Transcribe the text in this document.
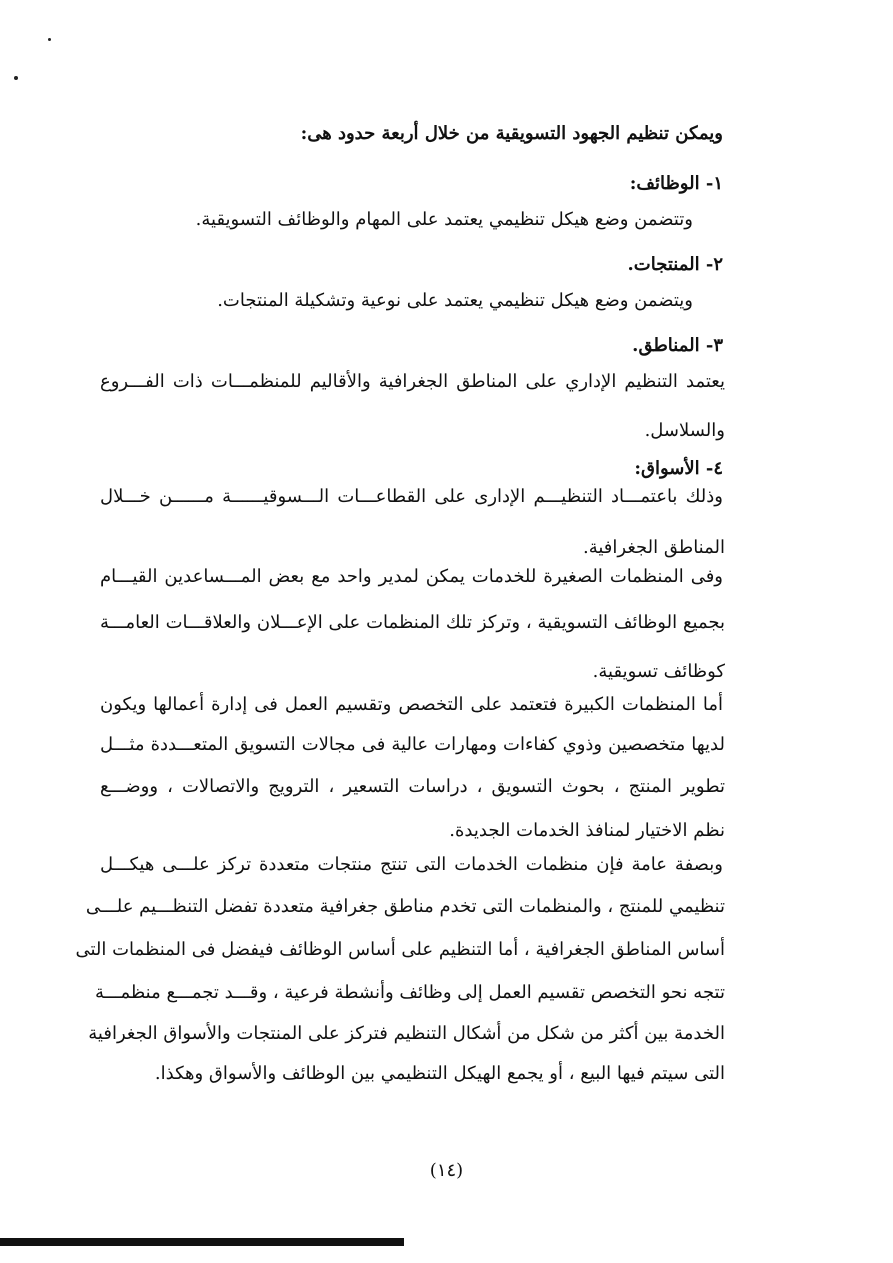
ويمكن تنظيم الجهود التسويقية من خلال أربعة حدود هى:
١- الوظائف:
وتتضمن وضع هيكل تنظيمي يعتمد على المهام والوظائف التسويقية.
٢- المنتجات.
ويتضمن وضع هيكل تنظيمي يعتمد على نوعية وتشكيلة المنتجات.
٣- المناطق.
يعتمد التنظيم الإداري على المناطق الجغرافية والأقاليم للمنظمـــات ذات الفـــروع
والسلاسل.
٤- الأسواق:
وذلك باعتمـــاد التنظيـــم الإدارى على القطاعـــات الـــسوقيــــــة مــــــن خـــلال
المناطق الجغرافية.
وفى المنظمات الصغيرة للخدمات يمكن لمدير واحد مع بعض المـــساعدين القيـــام
بجميع الوظائف التسويقية ، وتركز تلك المنظمات على الإعـــلان والعلاقـــات العامـــة
كوظائف تسويقية.
أما المنظمات الكبيرة فتعتمد على التخصص وتقسيم العمل فى إدارة أعمالها ويكون
لديها متخصصين وذوي كفاءات ومهارات عالية فى مجالات التسويق المتعـــددة مثـــل
تطوير المنتج ، بحوث التسويق ، دراسات التسعير ، الترويج والاتصالات ، ووضـــع
نظم الاختيار لمنافذ الخدمات الجديدة.
وبصفة عامة فإن منظمات الخدمات التى تنتج منتجات متعددة تركز علـــى هيكـــل
تنظيمي للمنتج ، والمنظمات التى تخدم مناطق جغرافية متعددة تفضل التنظـــيم علـــى
أساس المناطق الجغرافية ، أما التنظيم على أساس الوظائف فيفضل فى المنظمات التى
تتجه نحو التخصص تقسيم العمل إلى وظائف وأنشطة فرعية ، وقـــد تجمـــع منظمـــة
الخدمة بين أكثر من شكل من أشكال التنظيم فتركز على المنتجات والأسواق الجغرافية
التى سيتم فيها البيع ، أو يجمع الهيكل التنظيمي بين الوظائف والأسواق وهكذا.
(١٤)
